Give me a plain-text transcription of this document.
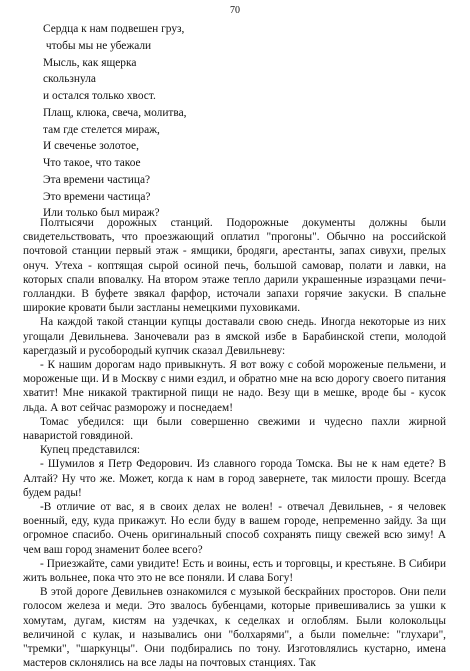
70
Сердца к нам подвешен груз,
чтобы мы не убежали
Мысль, как ящерка
скользнула
и остался только хвост.
Плащ, клюка, свеча, молитва,
там где стелется мираж,
И свеченье золотое,
Что такое, что такое
Эта времени частица?
Это времени частица?
Или только был мираж?

Полтысячи дорожных станций. Подорожные документы должны были свидетельствовать, что проезжающий оплатил "прогоны". Обычно на российской почтовой станции первый этаж - ямщики, бродяги, арестанты, запах сивухи, прелых онуч. Утеха - коптящая сырой осиной печь, большой самовар, полати и лавки, на которых спали вповалку. На втором этаже тепло дарили украшенные изразцами печи-голландки. В буфете звякал фарфор, источали запахи горячие закуски. В спальне широкие кровати были застланы немецкими пуховиками.

На каждой такой станции купцы доставали свою снедь. Иногда некоторые из них угощали Девильнева. Заночевали раз в ямской избе в Барабинской степи, молодой карегдазый и русобородый купчик сказал Девильневу:

- К нашим дорогам надо привыкнуть. Я вот вожу с собой мороженые пельмени, и мороженые щи. И в Москву с ними ездил, и обратно мне на всю дорогу своего питания хватит! Мне никакой трактирной пищи не надо. Везу щи в мешке, вроде бы - кусок льда. А вот сейчас разморожу и поснедаем!

Томас убедился: щи были совершенно свежими и чудесно пахли жирной наваристой говядиной.

Купец представился:

- Шумилов я Петр Федорович. Из славного города Томска. Вы не к нам едете? В Алтай? Ну что же. Может, когда к нам в город завернете, так милости прошу. Всегда будем рады!

-В отличие от вас, я в своих делах не волен! - отвечал Девильнев, - я человек военный, еду, куда прикажут. Но если буду в вашем городе, непременно зайду. За щи огромное спасибо. Очень оригинальный способ сохранять пищу свежей всю зиму! А чем ваш город знаменит более всего?

- Приезжайте, сами увидите! Есть и воины, есть и торговцы, и крестьяне. В Сибири жить вольнее, пока что это не все поняли. И слава Богу!

В этой дороге Девильнев ознакомился с музыкой бескрайних просторов. Они пели голосом железа и меди. Это звалось бубенцами, которые привешивались за ушки к хомутам, дугам, кистям на уздечках, к седелках и оглоблям. Были колокольцы величиной с кулак, и назывались они "болхарями", а были помельче: "глухари", "тремки", "шаркунцы". Они подбирались по тону. Изготовлялись кустарно, имена мастеров склонялись на все лады на почтовых станциях. Так
